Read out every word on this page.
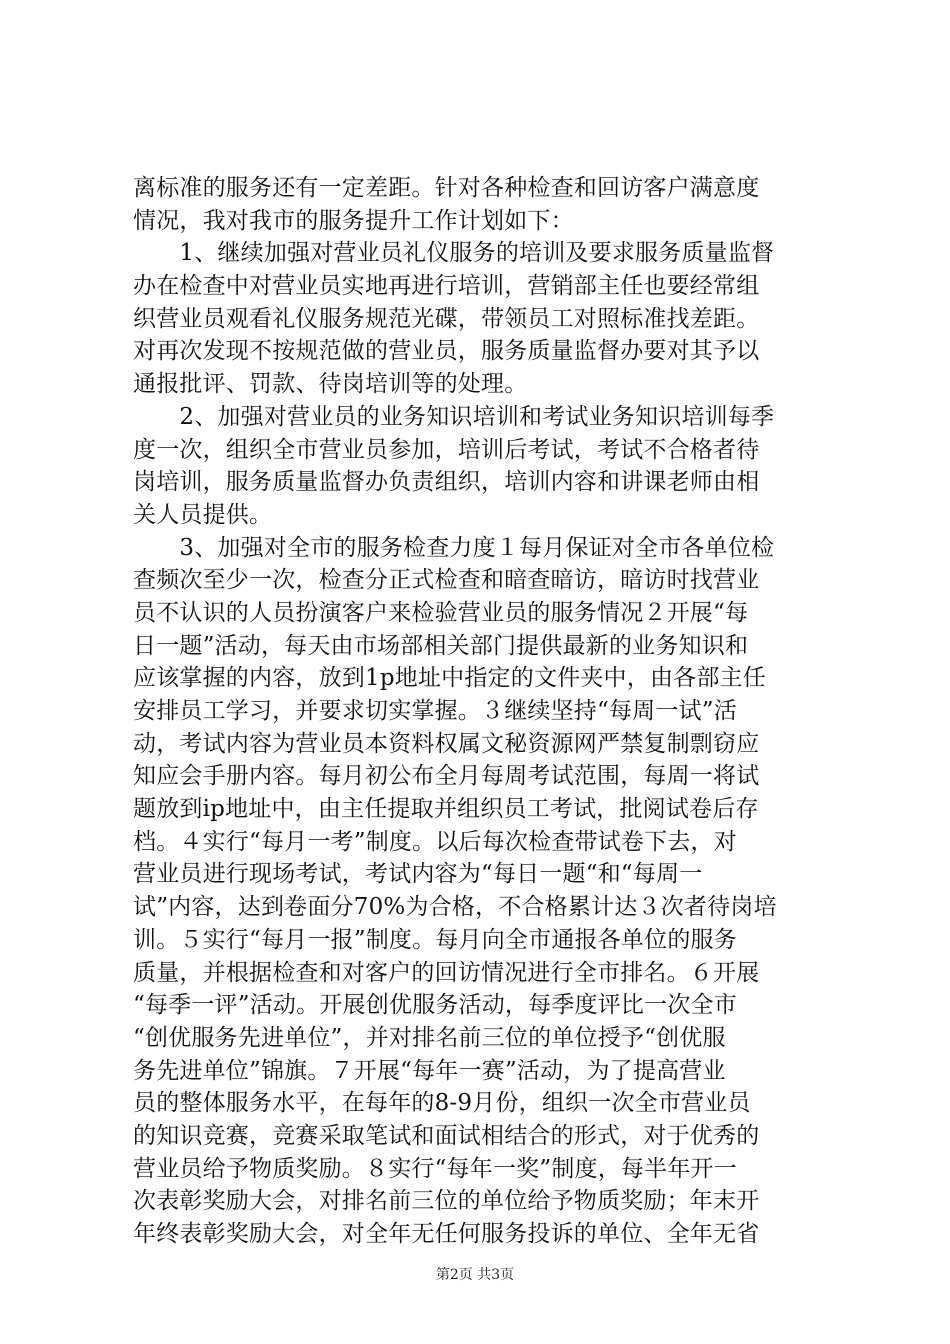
离标准的服务还有一定差距。针对各种检查和回访客户满意度
情况，我对我市的服务提升工作计划如下：
　　1、继续加强对营业员礼仪服务的培训及要求服务质量监督
办在检查中对营业员实地再进行培训，营销部主任也要经常组
织营业员观看礼仪服务规范光碟，带领员工对照标准找差距。
对再次发现不按规范做的营业员，服务质量监督办要对其予以
通报批评、罚款、待岗培训等的处理。
　　2、加强对营业员的业务知识培训和考试业务知识培训每季
度一次，组织全市营业员参加，培训后考试，考试不合格者待
岗培训，服务质量监督办负责组织，培训内容和讲课老师由相
关人员提供。
　　3、加强对全市的服务检查力度１每月保证对全市各单位检
查频次至少一次，检查分正式检查和暗查暗访，暗访时找营业
员不认识的人员扮演客户来检验营业员的服务情况２开展“每
日一题”活动，每天由市场部相关部门提供最新的业务知识和
应该掌握的内容，放到1p地址中指定的文件夹中，由各部主任
安排员工学习，并要求切实掌握。３继续坚持“每周一试”活
动，考试内容为营业员本资料权属文秘资源网严禁复制剽窃应
知应会手册内容。每月初公布全月每周考试范围，每周一将试
题放到ip地址中，由主任提取并组织员工考试，批阅试卷后存
档。４实行“每月一考”制度。以后每次检查带试卷下去，对
营业员进行现场考试，考试内容为“每日一题“和“每周一
试”内容，达到卷面分70%为合格，不合格累计达３次者待岗培
训。５实行“每月一报”制度。每月向全市通报各单位的服务
质量，并根据检查和对客户的回访情况进行全市排名。６开展
“每季一评”活动。开展创优服务活动，每季度评比一次全市
“创优服务先进单位”，并对排名前三位的单位授予“创优服
务先进单位”锦旗。７开展“每年一赛”活动，为了提高营业
员的整体服务水平，在每年的8-9月份，组织一次全市营业员
的知识竞赛，竞赛采取笔试和面试相结合的形式，对于优秀的
营业员给予物质奖励。８实行“每年一奖”制度，每半年开一
次表彰奖励大会，对排名前三位的单位给予物质奖励；年末开
年终表彰奖励大会，对全年无任何服务投诉的单位、全年无省
第2页 共3页
